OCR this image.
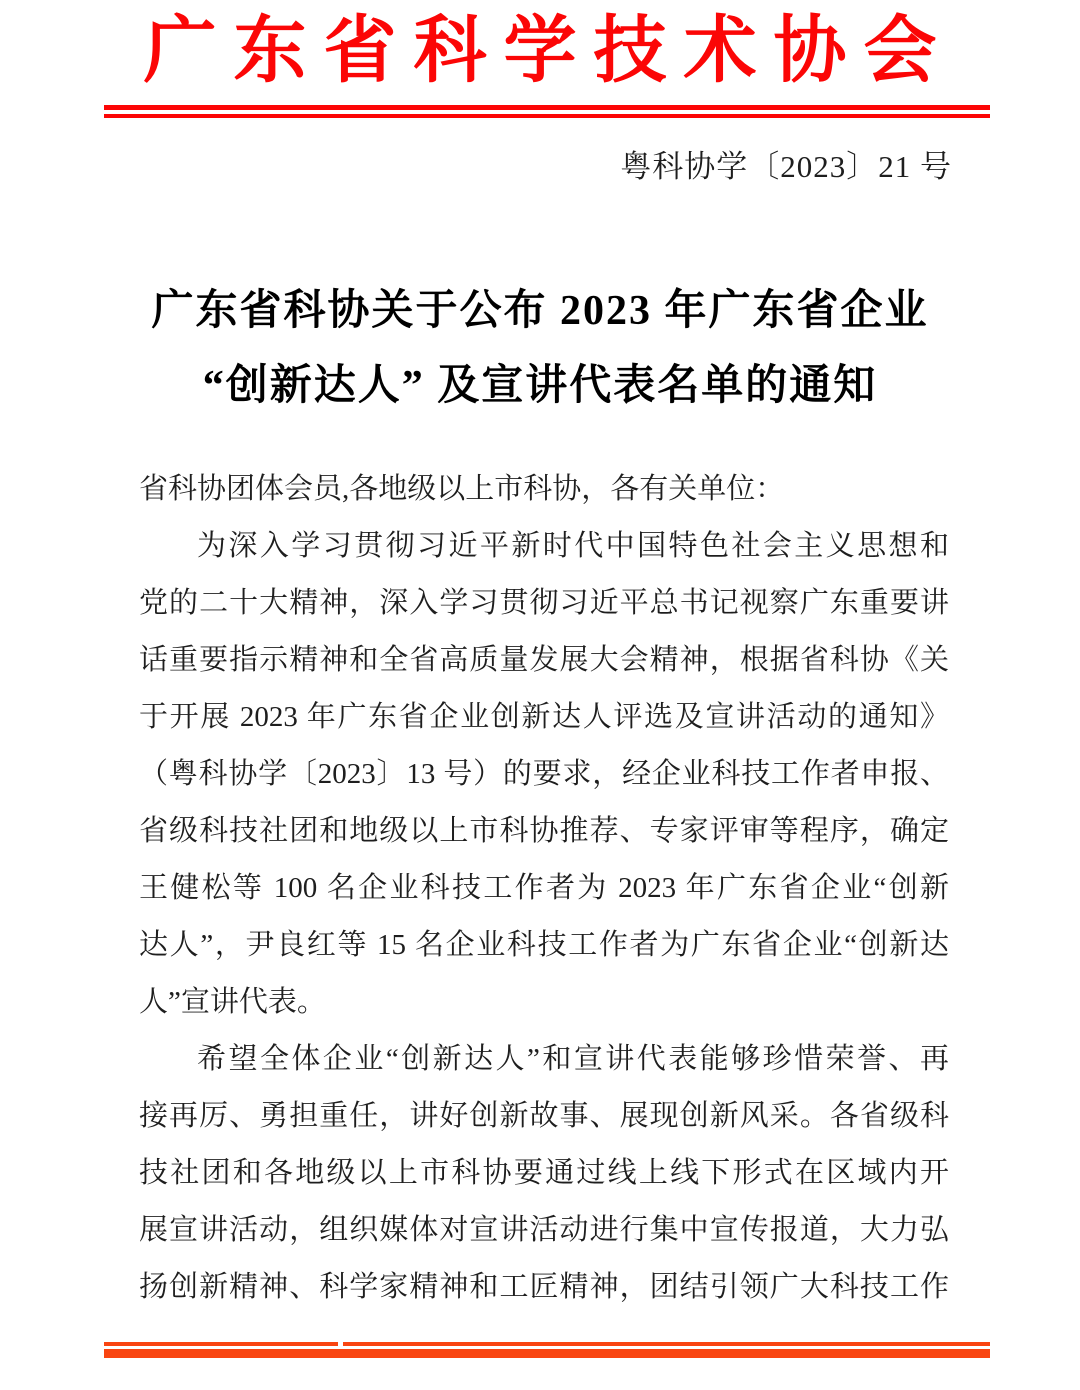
广东省科学技术协会
粤科协学〔2023〕21 号
广东省科协关于公布 2023 年广东省企业
“创新达人” 及宣讲代表名单的通知
省科协团体会员,各地级以上市科协，各有关单位：
为深入学习贯彻习近平新时代中国特色社会主义思想和
党的二十大精神，深入学习贯彻习近平总书记视察广东重要讲
话重要指示精神和全省高质量发展大会精神，根据省科协《关
于开展 2023 年广东省企业创新达人评选及宣讲活动的通知》
（粤科协学〔2023〕13 号）的要求，经企业科技工作者申报、
省级科技社团和地级以上市科协推荐、专家评审等程序，确定
王健松等 100 名企业科技工作者为 2023 年广东省企业“创新
达人”，尹良红等 15 名企业科技工作者为广东省企业“创新达
人”宣讲代表。
希望全体企业“创新达人”和宣讲代表能够珍惜荣誉、再
接再厉、勇担重任，讲好创新故事、展现创新风采。各省级科
技社团和各地级以上市科协要通过线上线下形式在区域内开
展宣讲活动，组织媒体对宣讲活动进行集中宣传报道，大力弘
扬创新精神、科学家精神和工匠精神，团结引领广大科技工作
